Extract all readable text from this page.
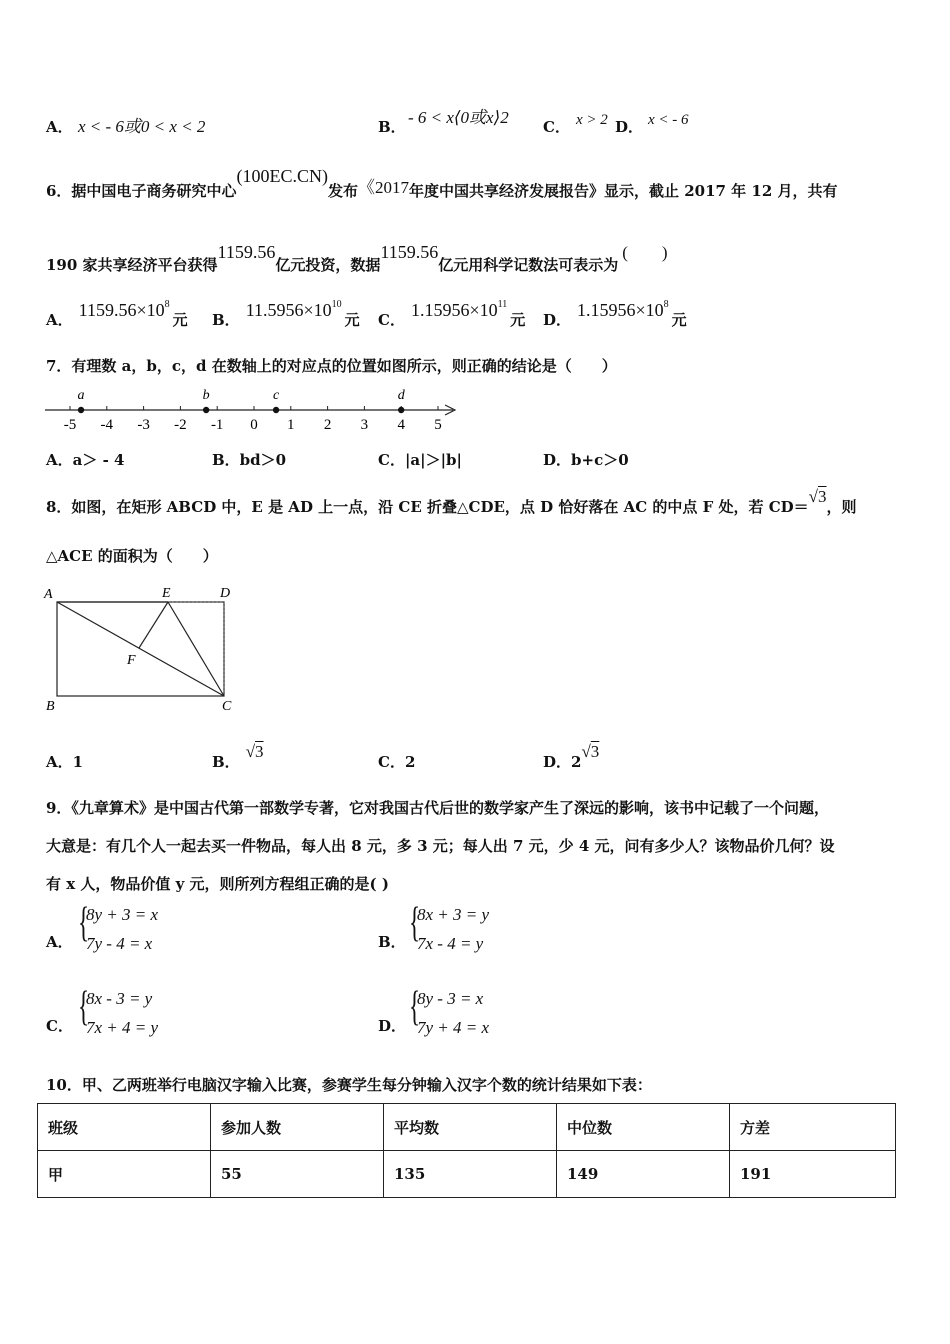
A． x < - 6或0 < x < 2	B． - 6 < x⟨0或x⟩2 C． x > 2 D． x < - 6
6．据中国电子商务研究中心(100EC.CN)发布《2017年度中国共享经济发展报告》显示，截止 2017 年 12 月，共有
190 家共享经济平台获得1159.56亿元投资，数据1159.56亿元用科学记数法可表示为(　　)
A． $1159.56\times 10^8$元 B． $11.5956\times 10^{10}$元 C． $1.15956\times 10^{11}$元 D． $1.15956\times 10^8$元
7．有理数 a，b，c，d 在数轴上的对应点的位置如图所示，则正确的结论是（　　）
-5 -4 -3 -2 -1 0 1 2 3 4 5
a	b	c	d
A．a＞ - 4	B．bd＞0	C．|a|＞|b|	D．b+c＞0
8．如图，在矩形 ABCD 中，E 是 AD 上一点，沿 CE 折叠△CDE，点 D 恰好落在 AC 的中点 F 处，若 CD＝√3，则
△ACE 的面积为（　　）
A	E	D
F
B	C
A．1	B．√3
C．2	D．2√3
9．《九章算术》是中国古代第一部数学专著，它对我国古代后世的数学家产生了深远的影响，该书中记载了一个问题，
大意是：有几个人一起去买一件物品，每人出 8 元，多 3 元；每人出 7 元，少 4 元，问有多少人？该物品价几何？设
有 x 人，物品价值 y 元，则所列方程组正确的是( )
A． {
8y + 3 = x
7y - 4 = x	B． {
8x + 3 = y
7x - 4 = y
C． {
8x - 3 = y
7x + 4 = y	D． {
8y - 3 = x
7y + 4 = x
10．甲、乙两班举行电脑汉字输入比赛，参赛学生每分钟输入汉字个数的统计结果如下表：
班级	参加人数	平均数	中位数	方差
甲	55	135	149	191
